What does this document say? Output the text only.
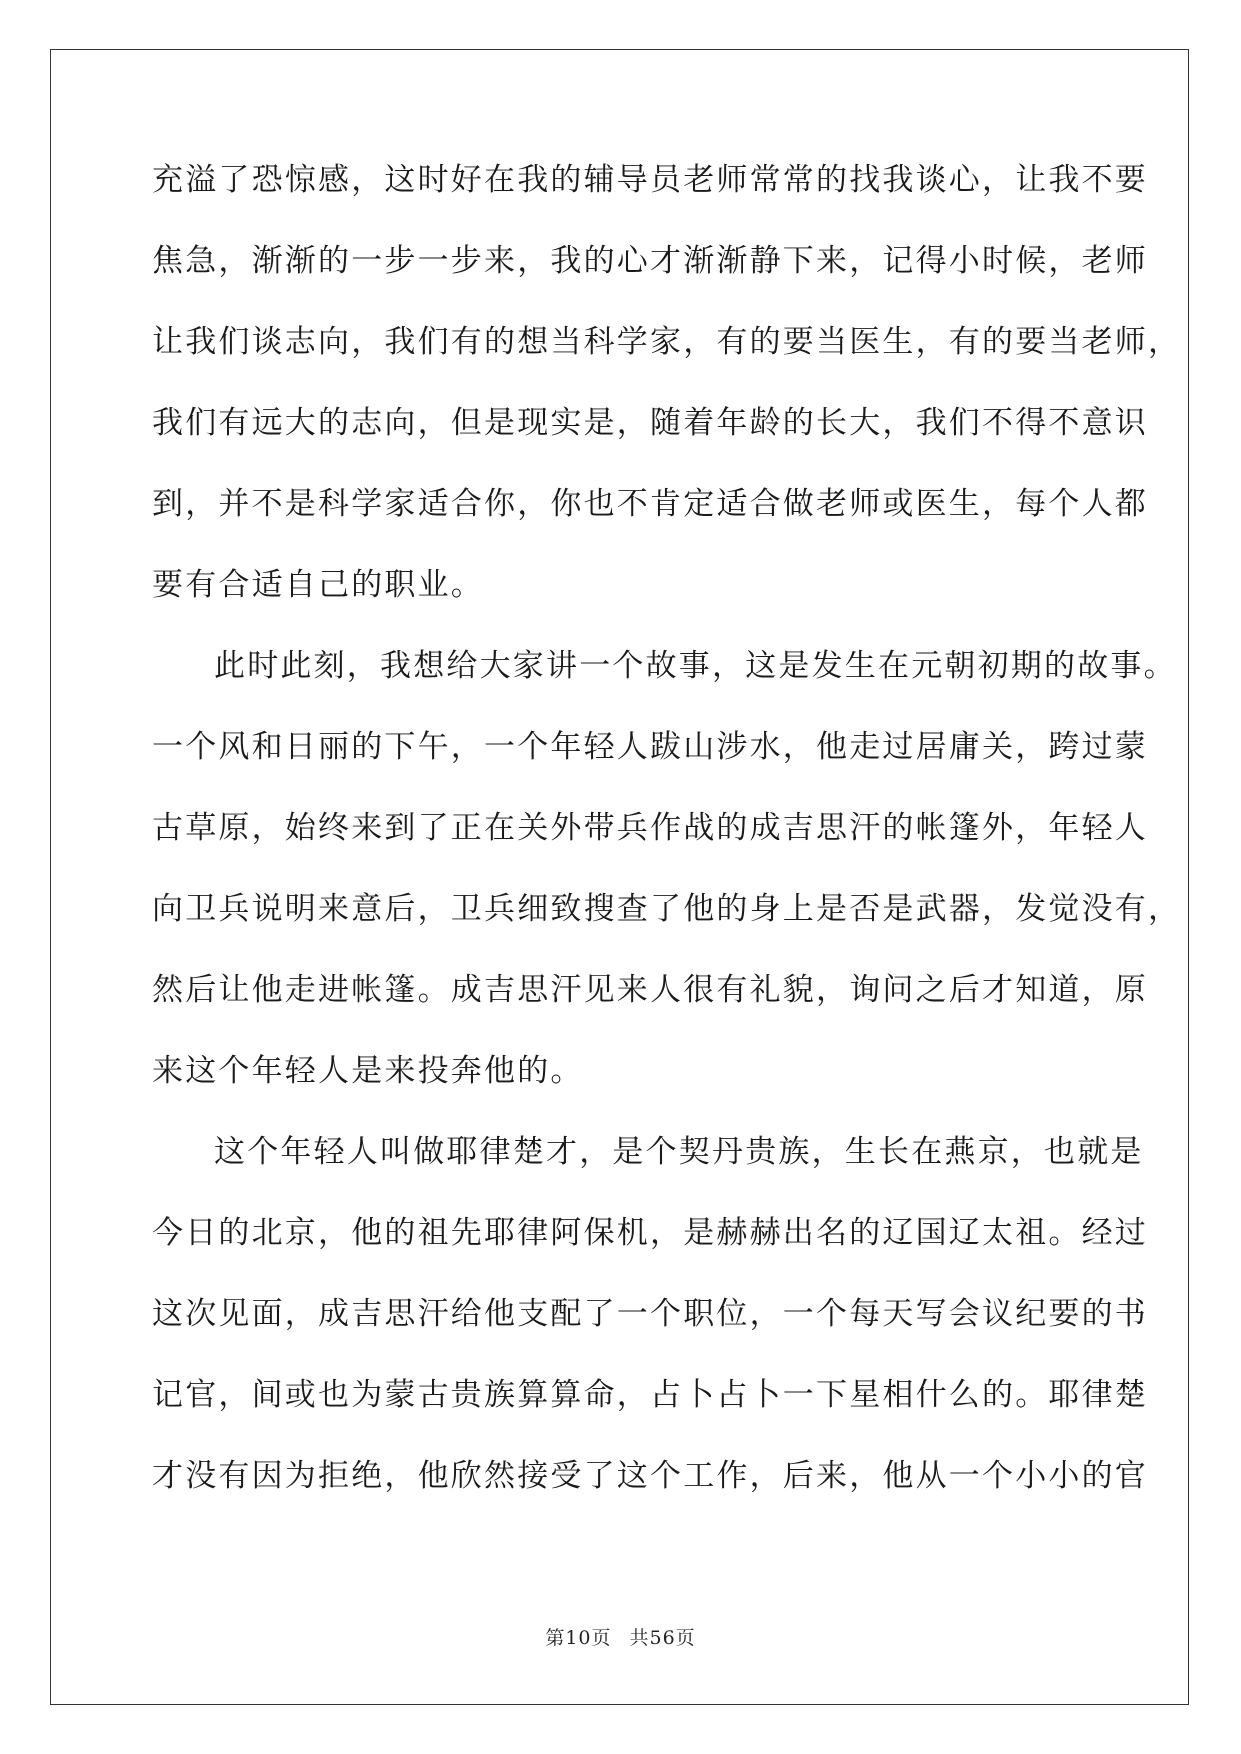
充溢了恐惊感，这时好在我的辅导员老师常常的找我谈心，让我不要
焦急，渐渐的一步一步来，我的心才渐渐静下来，记得小时候，老师
让我们谈志向，我们有的想当科学家，有的要当医生，有的要当老师，
我们有远大的志向，但是现实是，随着年龄的长大，我们不得不意识
到，并不是科学家适合你，你也不肯定适合做老师或医生，每个人都
要有合适自己的职业。
此时此刻，我想给大家讲一个故事，这是发生在元朝初期的故事。
一个风和日丽的下午，一个年轻人跋山涉水，他走过居庸关，跨过蒙
古草原，始终来到了正在关外带兵作战的成吉思汗的帐篷外，年轻人
向卫兵说明来意后，卫兵细致搜查了他的身上是否是武器，发觉没有，
然后让他走进帐篷。成吉思汗见来人很有礼貌，询问之后才知道，原
来这个年轻人是来投奔他的。
这个年轻人叫做耶律楚才，是个契丹贵族，生长在燕京，也就是
今日的北京，他的祖先耶律阿保机，是赫赫出名的辽国辽太祖。经过
这次见面，成吉思汗给他支配了一个职位，一个每天写会议纪要的书
记官，间或也为蒙古贵族算算命，占卜占卜一下星相什么的。耶律楚
才没有因为拒绝，他欣然接受了这个工作，后来，他从一个小小的官
第10页 共56页
